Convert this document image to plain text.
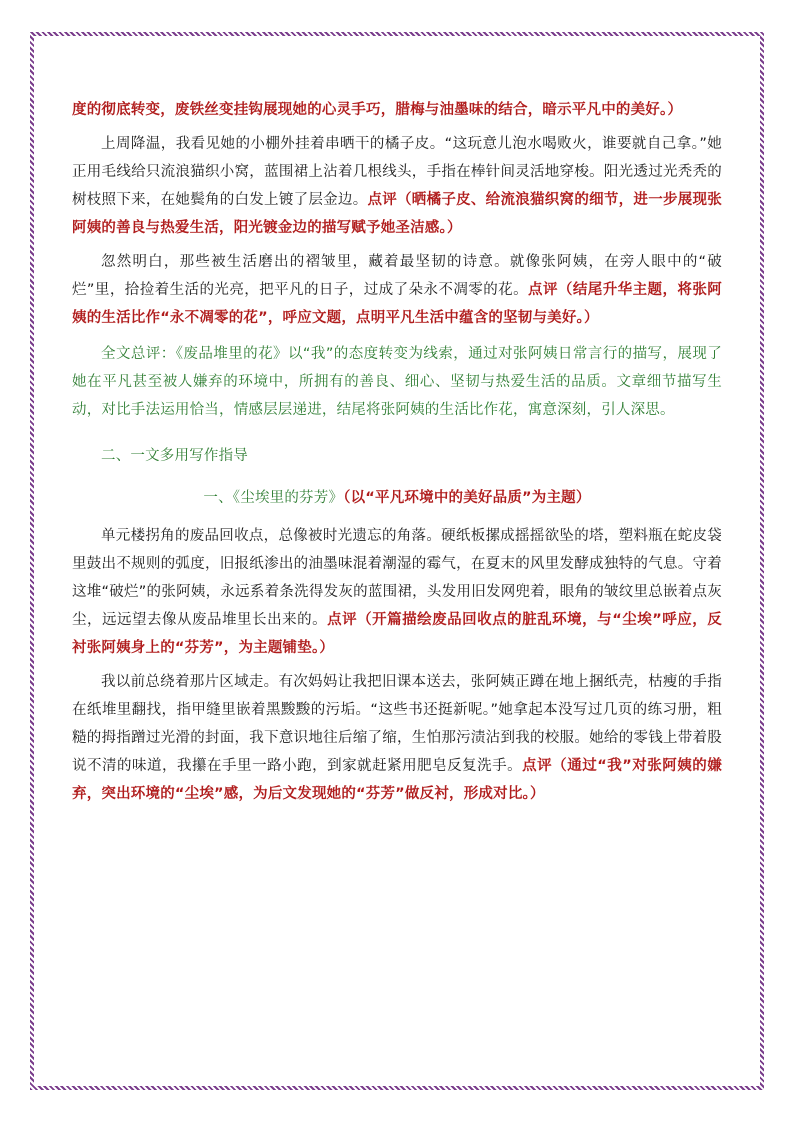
度的彻底转变，废铁丝变挂钩展现她的心灵手巧，腊梅与油墨味的结合，暗示平凡中的美好。）

上周降温，我看见她的小棚外挂着串晒干的橘子皮。“这玩意儿泡水喝败火，谁要就自己拿。”她正用毛线给只流浪猫织小窝，蓝围裙上沾着几根线头，手指在棒针间灵活地穿梭。阳光透过光秃秃的树枝照下来，在她鬓角的白发上镀了层金边。点评（晒橘子皮、给流浪猫织窝的细节，进一步展现张阿姨的善良与热爱生活，阳光镀金边的描写赋予她圣洁感。）

忽然明白，那些被生活磨出的褶皱里，藏着最坚韧的诗意。就像张阿姨，在旁人眼中的“破烂”里，拾捡着生活的光亮，把平凡的日子，过成了朵永不凋零的花。点评（结尾升华主题，将张阿姨的生活比作“永不凋零的花”，呼应文题，点明平凡生活中蕴含的坚韧与美好。）

全文总评：《废品堆里的花》以“我”的态度转变为线索，通过对张阿姨日常言行的描写，展现了她在平凡甚至被人嫌弃的环境中，所拥有的善良、细心、坚韧与热爱生活的品质。文章细节描写生动，对比手法运用恰当，情感层层递进，结尾将张阿姨的生活比作花，寓意深刻，引人深思。

二、一文多用写作指导

一、《尘埃里的芬芳》（以“平凡环境中的美好品质”为主题）

单元楼拐角的废品回收点，总像被时光遗忘的角落。硬纸板摞成摇摇欲坠的塔，塑料瓶在蛇皮袋里鼓出不规则的弧度，旧报纸渗出的油墨味混着潮湿的霉气，在夏末的风里发酵成独特的气息。守着这堆“破烂”的张阿姨，永远系着条洗得发灰的蓝围裙，头发用旧发网兜着，眼角的皱纹里总嵌着点灰尘，远远望去像从废品堆里长出来的。点评（开篇描绘废品回收点的脏乱环境，与“尘埃”呼应，反衬张阿姨身上的“芬芳”，为主题铺垫。）

我以前总绕着那片区域走。有次妈妈让我把旧课本送去，张阿姨正蹲在地上捆纸壳，枯瘦的手指在纸堆里翻找，指甲缝里嵌着黑黢黢的污垢。“这些书还挺新呢。”她拿起本没写过几页的练习册，粗糙的拇指蹭过光滑的封面，我下意识地往后缩了缩，生怕那污渍沾到我的校服。她给的零钱上带着股说不清的味道，我攥在手里一路小跑，到家就赶紧用肥皂反复洗手。点评（通过“我”对张阿姨的嫌弃，突出环境的“尘埃”感，为后文发现她的“芬芳”做反衬，形成对比。）
